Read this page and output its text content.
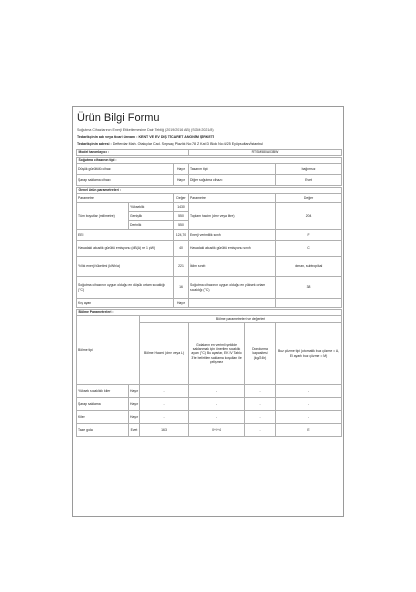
Ürün Bilgi Formu
Soğutma Cihazlarının Enerji Etiketlemesine Dair Tebliğ (2019/2016 AB) (SGM:2021/8)
Tedarikçinin adı veya ticari ünvanı : KENT VE EV DIŞ TİCARET ANONİM ŞİRKETİ
Tedarikçinin adresi : Defterdar Mah. Otakçılar Cad. Sırpsaç Plazlık No:78 Z Kat D Blok No:4/25 Eyüpsultan/İstanbul
Model tanımlayıcı :				RTSM580A03BW		

Soğutma cihazının tipi :						
Düşük gürültülü cihaz:			Hayır	Tasarım tipi:		bağımsız
Şarap saklama cihazı:			Hayır	Diğer soğutma cihazı:		Evet

Genel ürün parametreleri :						
Parametre			Değer	Parametre		Değer
Tüm boyutlar (milimetre)	Yükseklik		1430	Toplam hacim (dm³ veya litre)		204
	Genişlik		550			
	Derinlik		550			
EEI			124,70	Enerji verimlilik sınıfı		F
Havadaki akustik gürültü emisyonu (dB(A) re 1 pW)			40	Havadaki akustik gürültü emisyonu sınıfı		C
Yıllık enerji tüketimi (kWh/a)			221	İklim sınıfı:		ılıman, subtropikal
Soğutma cihazının uygun olduğu en düşük ortam sıcaklığı (°C)			16	Soğutma cihazının uygun olduğu en yüksek ortam sıcaklığı (°C)		38
Kış ayarı			Hayır			

Bölme Parametreleri :						
Bölme tipi		Bölme parametreleri ve değerleri				
		Bölme Hacmi (dm³ veya L)		Gıdaların en verimli şekilde saklanmak için önerilen sıcaklık ayarı (°C) Bu ayarlar, EK IV Tablo 3'te belirtilen saklama koşulları ile çelişmez	Dondurma kapasitesi (kg/24h)	Buz çözme tipi (otomatik buz çözme = A, El ayarlı buz çözme = M)
Yüksek sıcaklıklı kiler	Hayır	-		-	-	-
Şarap saklama	Hayır	-		-	-	-
Kiler	Hayır	-		-	-	-
Taze gıda	Evet	163		0+/+4	-	E
